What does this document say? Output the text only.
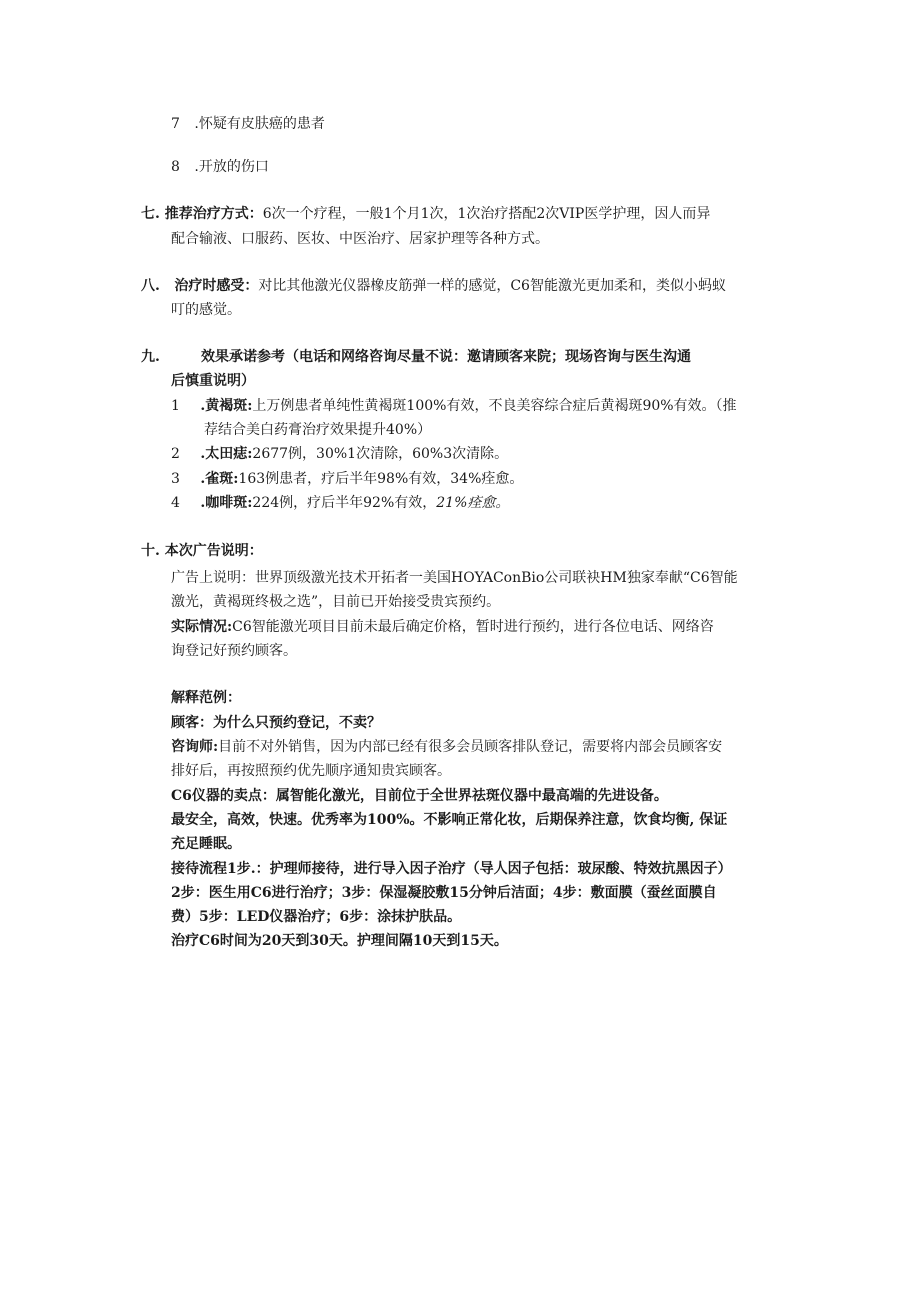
7 .怀疑有皮肤癌的患者
8 .开放的伤口
七. 推荐治疗方式：6次一个疗程，一般1个月1次，1次治疗搭配2次VIP医学护理，因人而异
配合输液、口服药、医妆、中医治疗、居家护理等各种方式。
八. 治疗时感受：对比其他激光仪器橡皮筋弹一样的感觉，C6智能激光更加柔和，类似小蚂蚁
叮的感觉。
九.	效果承诺参考（电话和网络咨询尽量不说：邀请顾客来院；现场咨询与医生沟通
后慎重说明）
1 .黄褐斑:上万例患者单纯性黄褐斑100%有效，不良美容综合症后黄褐斑90%有效。（推
荐结合美白药膏治疗效果提升40%）
2 .太田痣:2677例，30%1次清除，60%3次清除。
3 .雀斑:163例患者，疗后半年98%有效，34%痊愈。
4 .咖啡斑:224例，疗后半年92%有效，21%痊愈。
十. 本次广告说明：
广告上说明：世界顶级激光技术开拓者一美国HOYAConBio公司联袂HM独家奉献“C6智能
激光，黄褐斑终极之选”，目前已开始接受贵宾预约。
实际情况:C6智能激光项目目前未最后确定价格，暂时进行预约，进行各位电话、网络咨
询登记好预约顾客。
解释范例：
顾客：为什么只预约登记，不卖？
咨询师:目前不对外销售，因为内部已经有很多会员顾客排队登记，需要将内部会员顾客安
排好后，再按照预约优先顺序通知贵宾顾客。
C6仪器的卖点：属智能化激光，目前位于全世界祛斑仪器中最高端的先进设备。
最安全，高效，快速。优秀率为100%。不影响正常化妆，后期保养注意，饮食均衡, 保证
充足睡眠。
接待流程1步.：护理师接待，进行导入因子治疗（导人因子包括：玻尿酸、特效抗黑因子）
2步：医生用C6进行治疗；3步：保湿凝胶敷15分钟后洁面；4步：敷面膜（蚕丝面膜自
费）5步：LED仪器治疗；6步：涂抹护肤品。
治疗C6时间为20天到30天。护理间隔10天到15天。
